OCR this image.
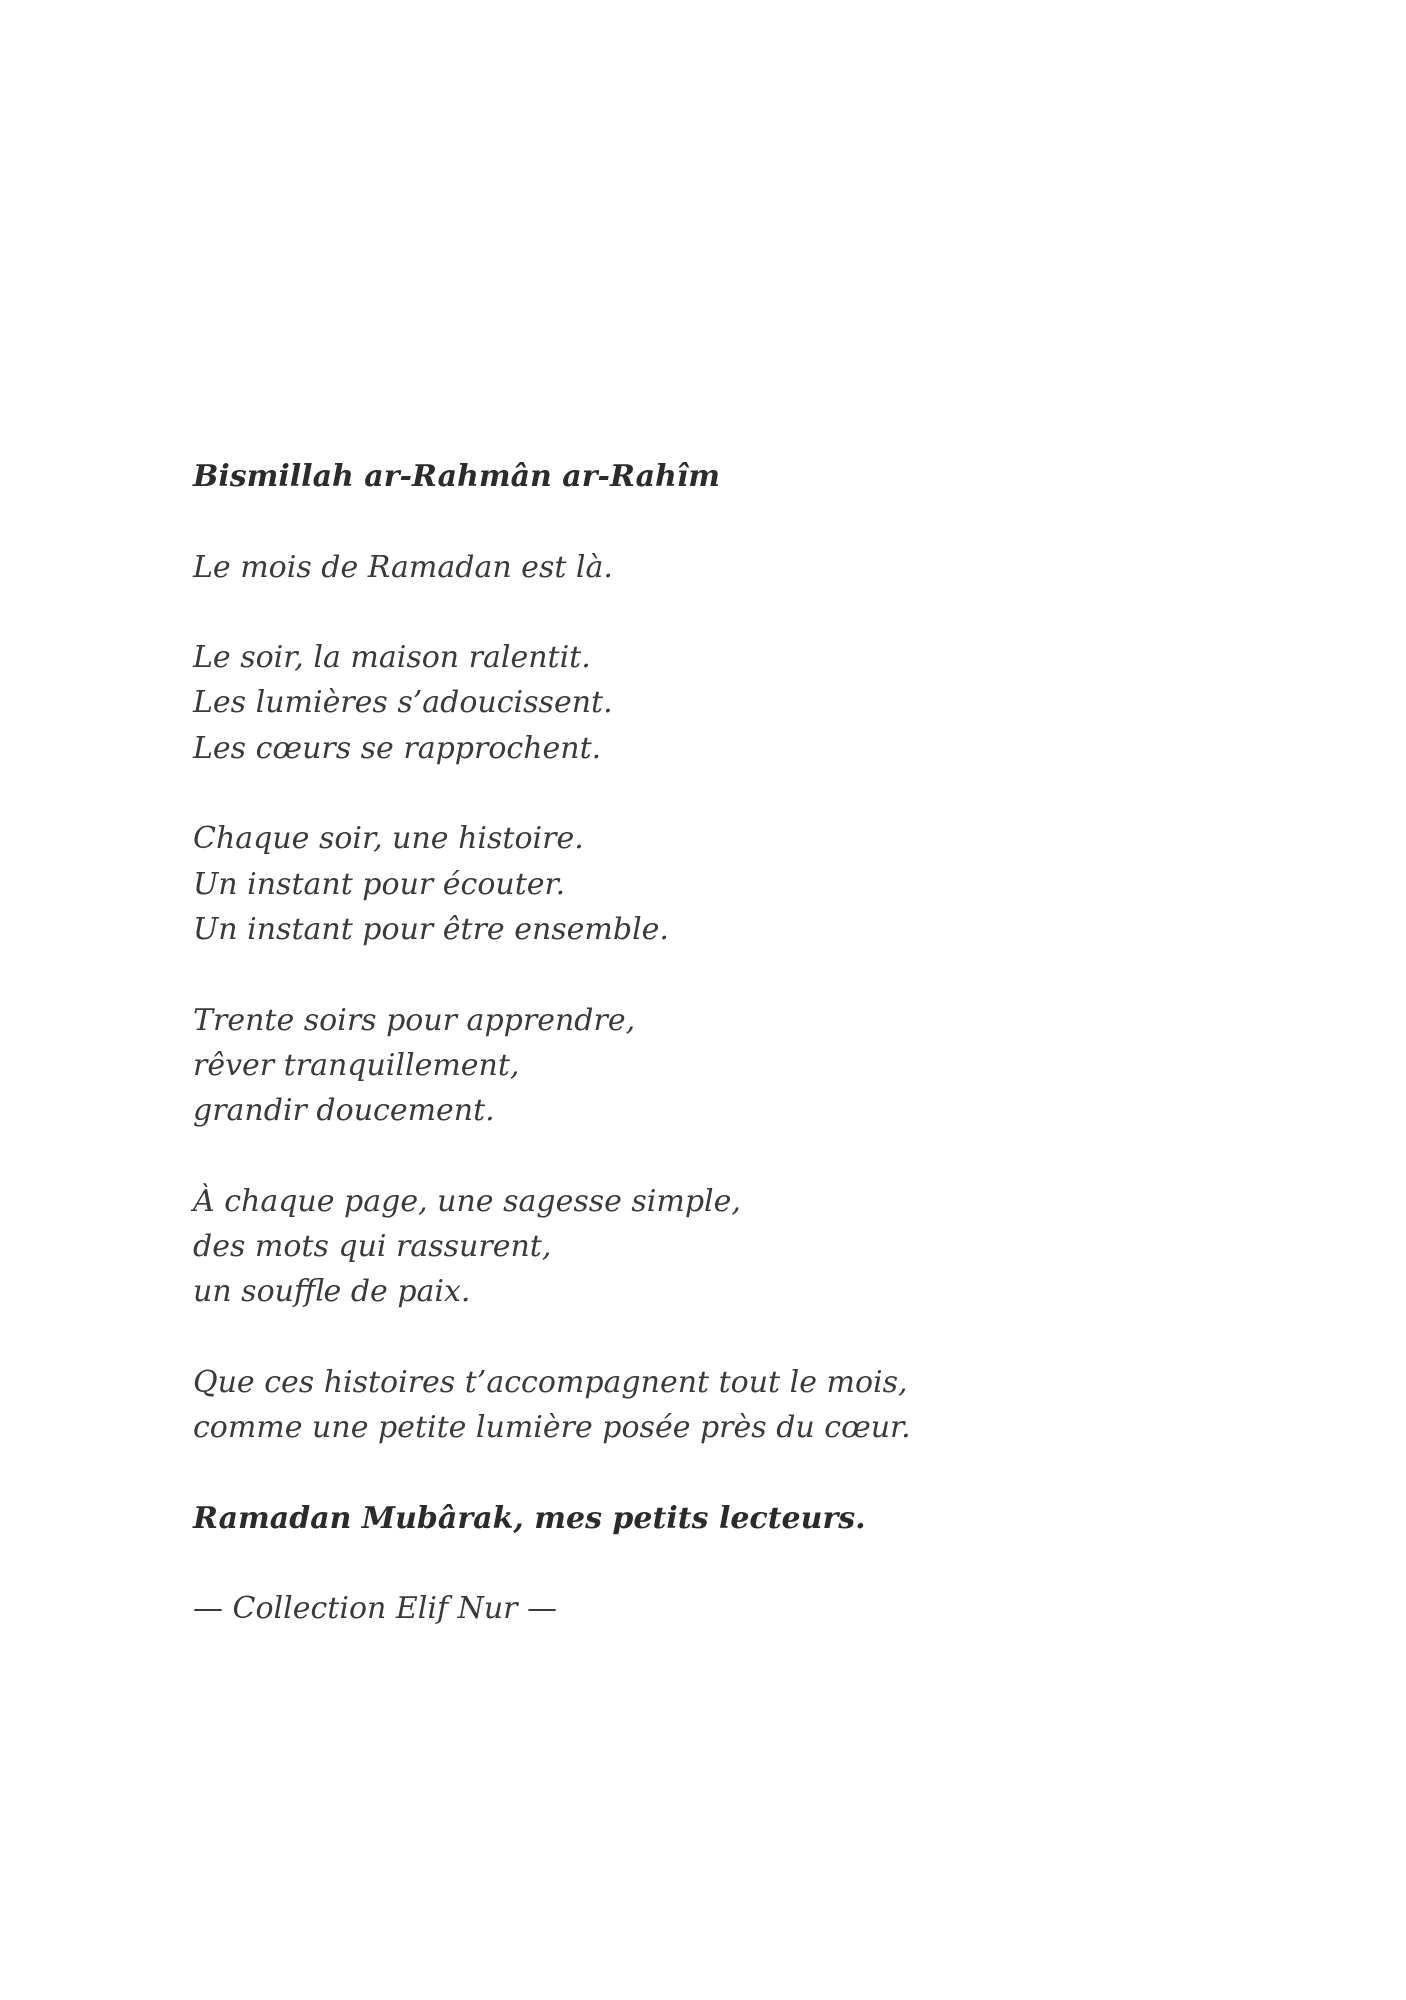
Bismillah ar-Rahmân ar-Rahîm
Le mois de Ramadan est là.
Le soir, la maison ralentit.
Les lumières s’adoucissent.
Les cœurs se rapprochent.
Chaque soir, une histoire.
Un instant pour écouter.
Un instant pour être ensemble.
Trente soirs pour apprendre,
rêver tranquillement,
grandir doucement.
À chaque page, une sagesse simple,
des mots qui rassurent,
un souffle de paix.
Que ces histoires t’accompagnent tout le mois,
comme une petite lumière posée près du cœur.
Ramadan Mubârak, mes petits lecteurs.
— Collection Elif Nur —
